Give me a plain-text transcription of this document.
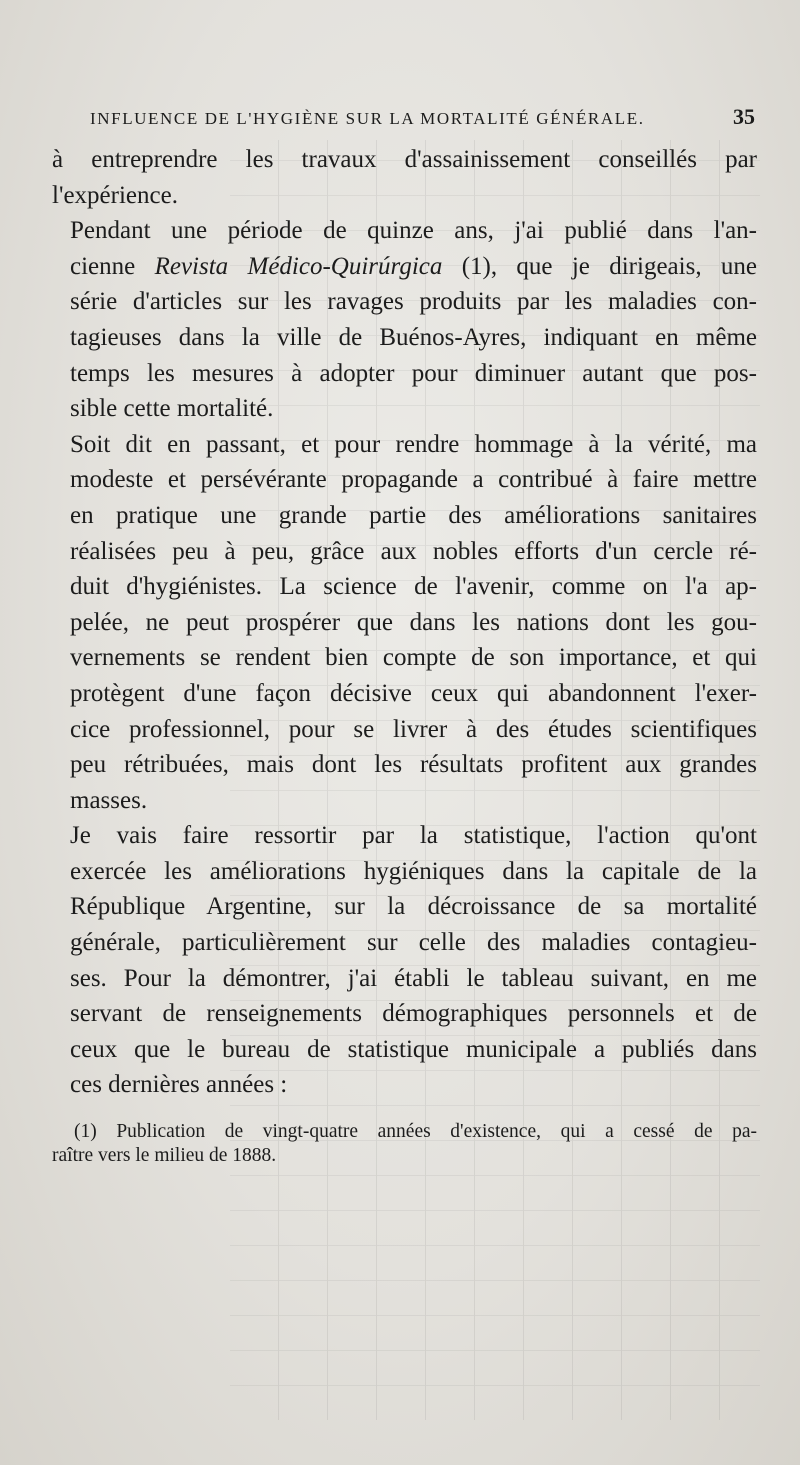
INFLUENCE DE L'HYGIÈNE SUR LA MORTALITÉ GÉNÉRALE.	35

à entreprendre les travaux d'assainissement conseillés par
l'expérience.

Pendant une période de quinze ans, j'ai publié dans l'an-
cienne Revista Médico-Quirúrgica (1), que je dirigeais, une
série d'articles sur les ravages produits par les maladies con-
tagieuses dans la ville de Buénos-Ayres, indiquant en même
temps les mesures à adopter pour diminuer autant que pos-
sible cette mortalité.

Soit dit en passant, et pour rendre hommage à la vérité, ma
modeste et persévérante propagande a contribué à faire mettre
en pratique une grande partie des améliorations sanitaires
réalisées peu à peu, grâce aux nobles efforts d'un cercle ré-
duit d'hygiénistes. La science de l'avenir, comme on l'a ap-
pelée, ne peut prospérer que dans les nations dont les gou-
vernements se rendent bien compte de son importance, et qui
protègent d'une façon décisive ceux qui abandonnent l'exer-
cice professionnel, pour se livrer à des études scientifiques
peu rétribuées, mais dont les résultats profitent aux grandes
masses.

Je vais faire ressortir par la statistique, l'action qu'ont
exercée les améliorations hygiéniques dans la capitale de la
République Argentine, sur la décroissance de sa mortalité
générale, particulièrement sur celle des maladies contagieu-
ses. Pour la démontrer, j'ai établi le tableau suivant, en me
servant de renseignements démographiques personnels et de
ceux que le bureau de statistique municipale a publiés dans
ces dernières années :

(1) Publication de vingt-quatre années d'existence, qui a cessé de pa-
raître vers le milieu de 1888.
